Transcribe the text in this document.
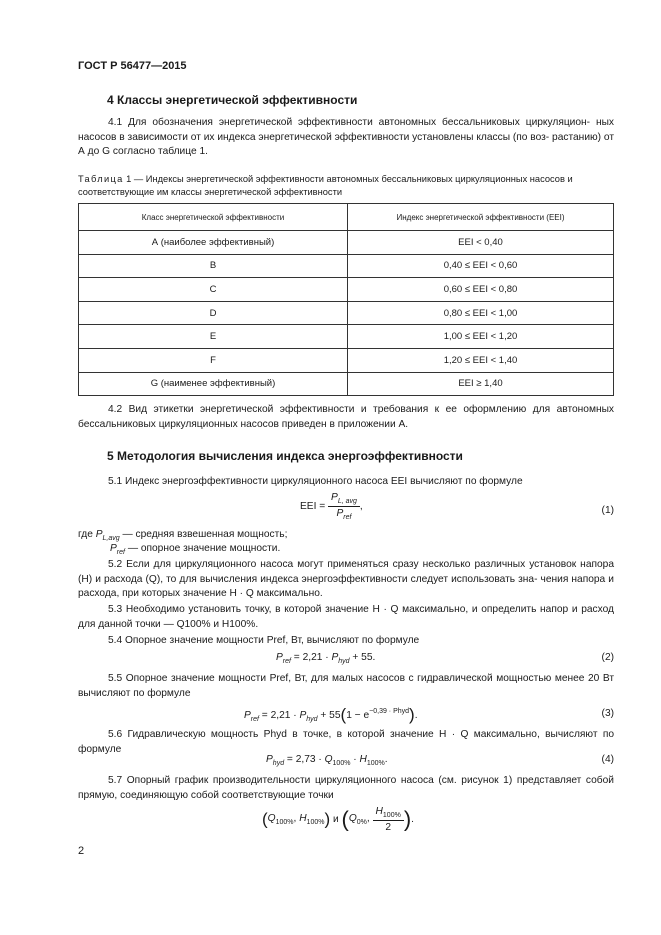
ГОСТ Р 56477—2015
4 Классы энергетической эффективности
4.1 Для обозначения энергетической эффективности автономных бессальниковых циркуляцион- ных насосов в зависимости от их индекса энергетической эффективности установлены классы (по воз- растанию) от А до G согласно таблице 1.
Таблица 1 — Индексы энергетической эффективности автономных бессальниковых циркуляционных насосов и соответствующие им классы энергетической эффективности
Класс энергетической эффективности	Индекс энергетической эффективности (EEI)
А (наиболее эффективный)	EEI < 0,40
B	0,40 ≤ EEI < 0,60
C	0,60 ≤ EEI < 0,80
D	0,80 ≤ EEI < 1,00
E	1,00 ≤ EEI < 1,20
F	1,20 ≤ EEI < 1,40
G (наименее эффективный)	EEI ≥ 1,40
4.2 Вид этикетки энергетической эффективности и требования к ее оформлению для автономных бессальниковых циркуляционных насосов приведен в приложении А.
5 Методология вычисления индекса энергоэффективности
5.1 Индекс энергоэффективности циркуляционного насоса EEI вычисляют по формуле
EEI = $\frac{P_{L, avg}}{P_{ref}}$ ,	(1)
где $P_{L,avg}$ — средняя взвешенная мощность;
$P_{ref}$ — опорное значение мощности.
5.2 Если для циркуляционного насоса могут применяться сразу несколько различных установок напора (H) и расхода (Q), то для вычисления индекса энергоэффективности следует использовать зна- чения напора и расхода, при которых значение H · Q максимально.
5.3 Необходимо установить точку, в которой значение H · Q максимально, и определить напор и расход для данной точки — Q100% и H100%.
5.4 Опорное значение мощности Pref, Вт, вычисляют по формуле
$P_{ref} = 2,21 \cdot P_{hyd} + 55$.	(2)
5.5 Опорное значение мощности Pref, Вт, для малых насосов с гидравлической мощностью менее 20 Вт вычисляют по формуле
$P_{ref} = 2,21 \cdot P_{hyd} + 55(1 - e^{-0,39 \cdot Phyd})$.	(3)
5.6 Гидравлическую мощность Phyd в точке, в которой значение H · Q максимально, вычисляют по формуле
$P_{hyd} = 2,73 \cdot Q_{100\%} \cdot H_{100\%}$.	(4)
5.7 Опорный график производительности циркуляционного насоса (см. рисунок 1) представляет собой прямую, соединяющую собой соответствующие точки
($Q_{100\%}$, $H_{100\%}$) и ($Q_{0\%}$, $\frac{H_{100\%}}{2}$ ).
2
